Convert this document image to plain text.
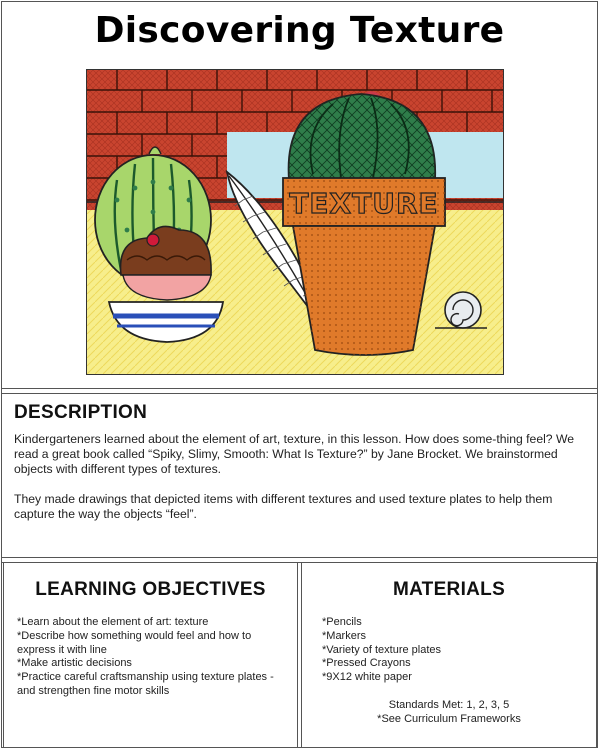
Discovering Texture
TEXTURE
DESCRIPTION

Kindergarteners learned about the element of art, texture, in this lesson. How does some-thing feel? We read a great book called “Spiky, Slimy, Smooth: What Is Texture?” by Jane Brocket. We brainstormed objects with different types of textures.

They made drawings that depicted items with different textures and used texture plates to help them capture the way the objects “feel”.

LEARNING OBJECTIVES
*Learn about the element of art: texture
*Describe how something would feel and how to express it with line
*Make artistic decisions
*Practice careful craftsmanship using texture plates - and strengthen fine motor skills
MATERIALS
*Pencils
*Markers
*Variety of texture plates
*Pressed Crayons
*9X12 white paper
Standards Met: 1, 2, 3, 5
*See Curriculum Frameworks
